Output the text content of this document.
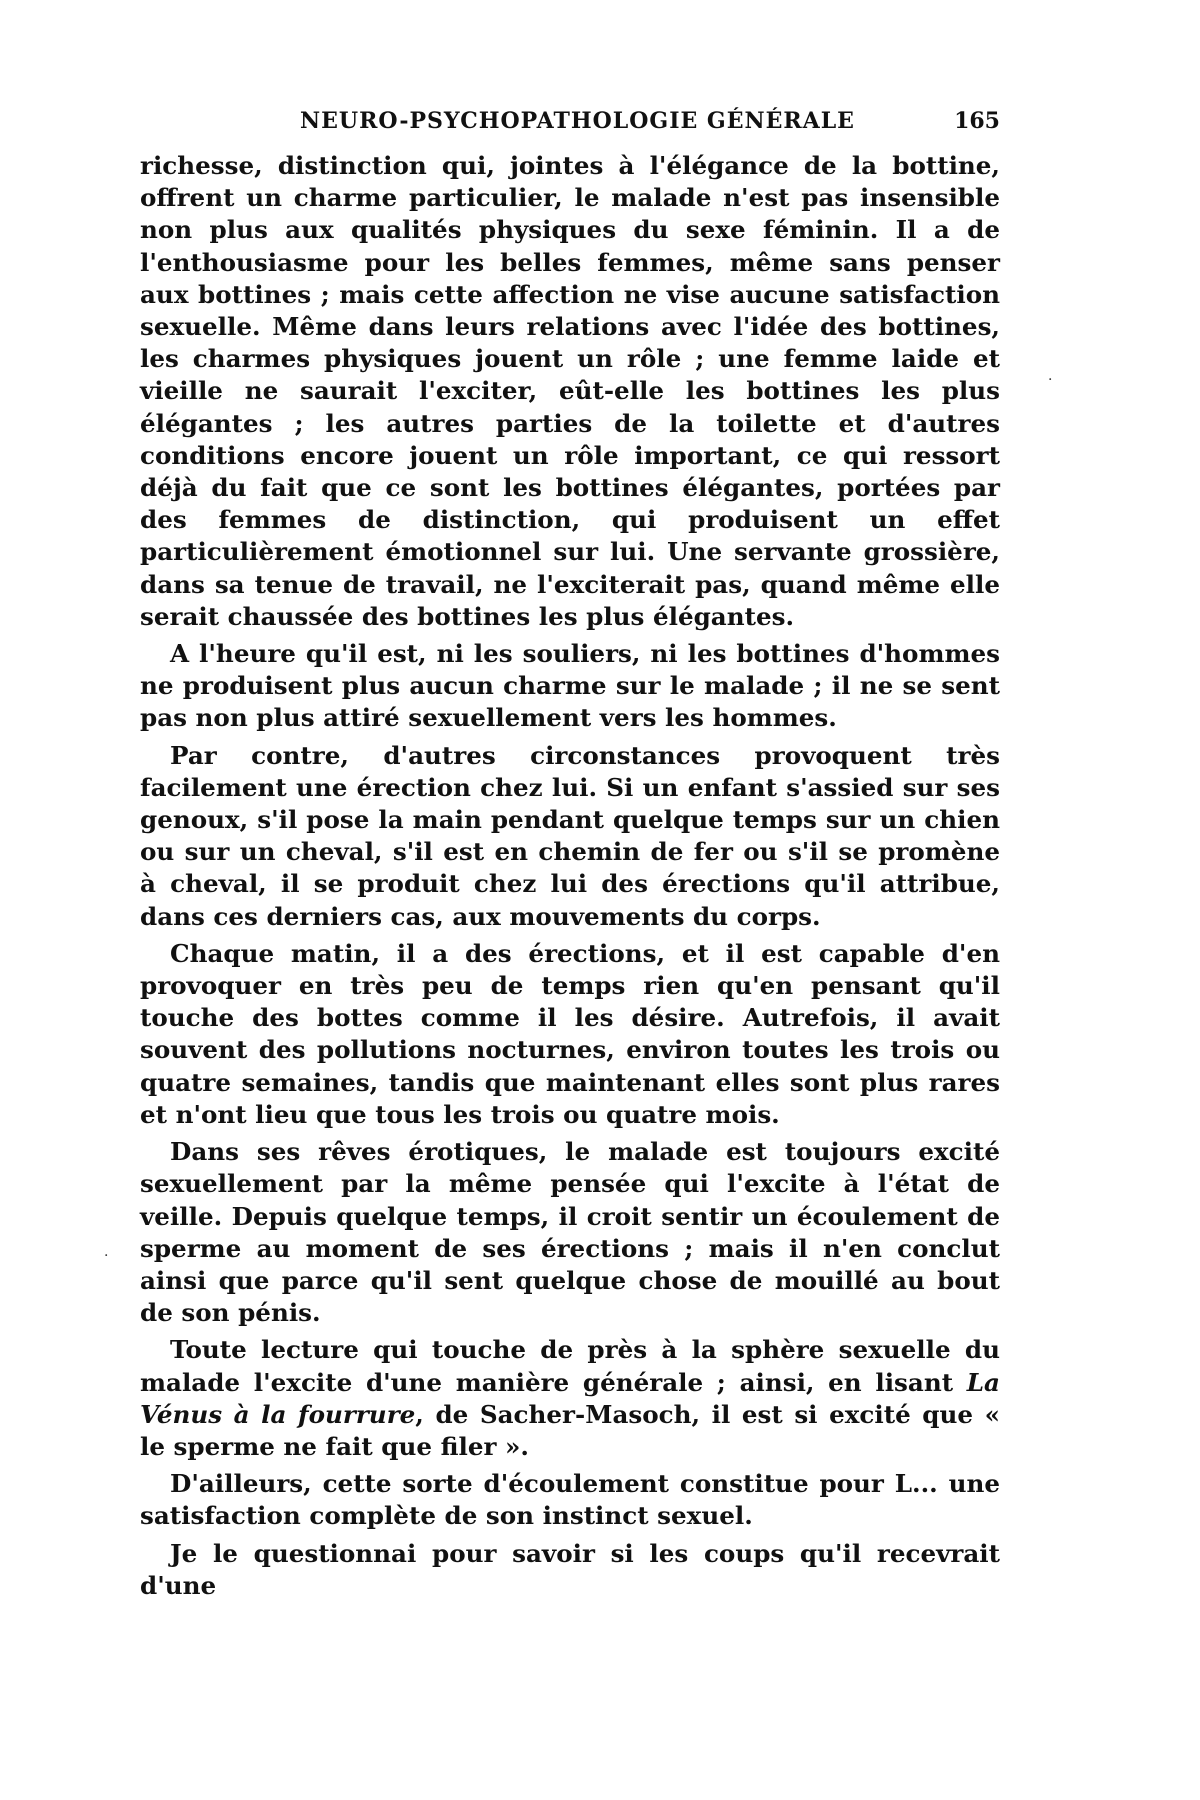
NEURO-PSYCHOPATHOLOGIE GÉNÉRALE	165

richesse, distinction qui, jointes à l'élégance de la bottine, offrent un charme particulier, le malade n'est pas insensible non plus aux qualités physiques du sexe féminin. Il a de l'enthousiasme pour les belles femmes, même sans penser aux bottines ; mais cette affection ne vise aucune satisfaction sexuelle. Même dans leurs relations avec l'idée des bottines, les charmes physiques jouent un rôle ; une femme laide et vieille ne saurait l'exciter, eût-elle les bottines les plus élégantes ; les autres parties de la toilette et d'autres conditions encore jouent un rôle important, ce qui ressort déjà du fait que ce sont les bottines élégantes, portées par des femmes de distinction, qui produisent un effet particulièrement émotionnel sur lui. Une servante grossière, dans sa tenue de travail, ne l'exciterait pas, quand même elle serait chaussée des bottines les plus élégantes.

A l'heure qu'il est, ni les souliers, ni les bottines d'hommes ne produisent plus aucun charme sur le malade ; il ne se sent pas non plus attiré sexuellement vers les hommes.

Par contre, d'autres circonstances provoquent très facilement une érection chez lui. Si un enfant s'assied sur ses genoux, s'il pose la main pendant quelque temps sur un chien ou sur un cheval, s'il est en chemin de fer ou s'il se promène à cheval, il se produit chez lui des érections qu'il attribue, dans ces derniers cas, aux mouvements du corps.

Chaque matin, il a des érections, et il est capable d'en provoquer en très peu de temps rien qu'en pensant qu'il touche des bottes comme il les désire. Autrefois, il avait souvent des pollutions nocturnes, environ toutes les trois ou quatre semaines, tandis que maintenant elles sont plus rares et n'ont lieu que tous les trois ou quatre mois.

Dans ses rêves érotiques, le malade est toujours excité sexuellement par la même pensée qui l'excite à l'état de veille. Depuis quelque temps, il croit sentir un écoulement de sperme au moment de ses érections ; mais il n'en conclut ainsi que parce qu'il sent quelque chose de mouillé au bout de son pénis.

Toute lecture qui touche de près à la sphère sexuelle du malade l'excite d'une manière générale ; ainsi, en lisant La Vénus à la fourrure, de Sacher-Masoch, il est si excité que « le sperme ne fait que filer ».

D'ailleurs, cette sorte d'écoulement constitue pour L... une satisfaction complète de son instinct sexuel.

Je le questionnai pour savoir si les coups qu'il recevrait d'une

·
·
